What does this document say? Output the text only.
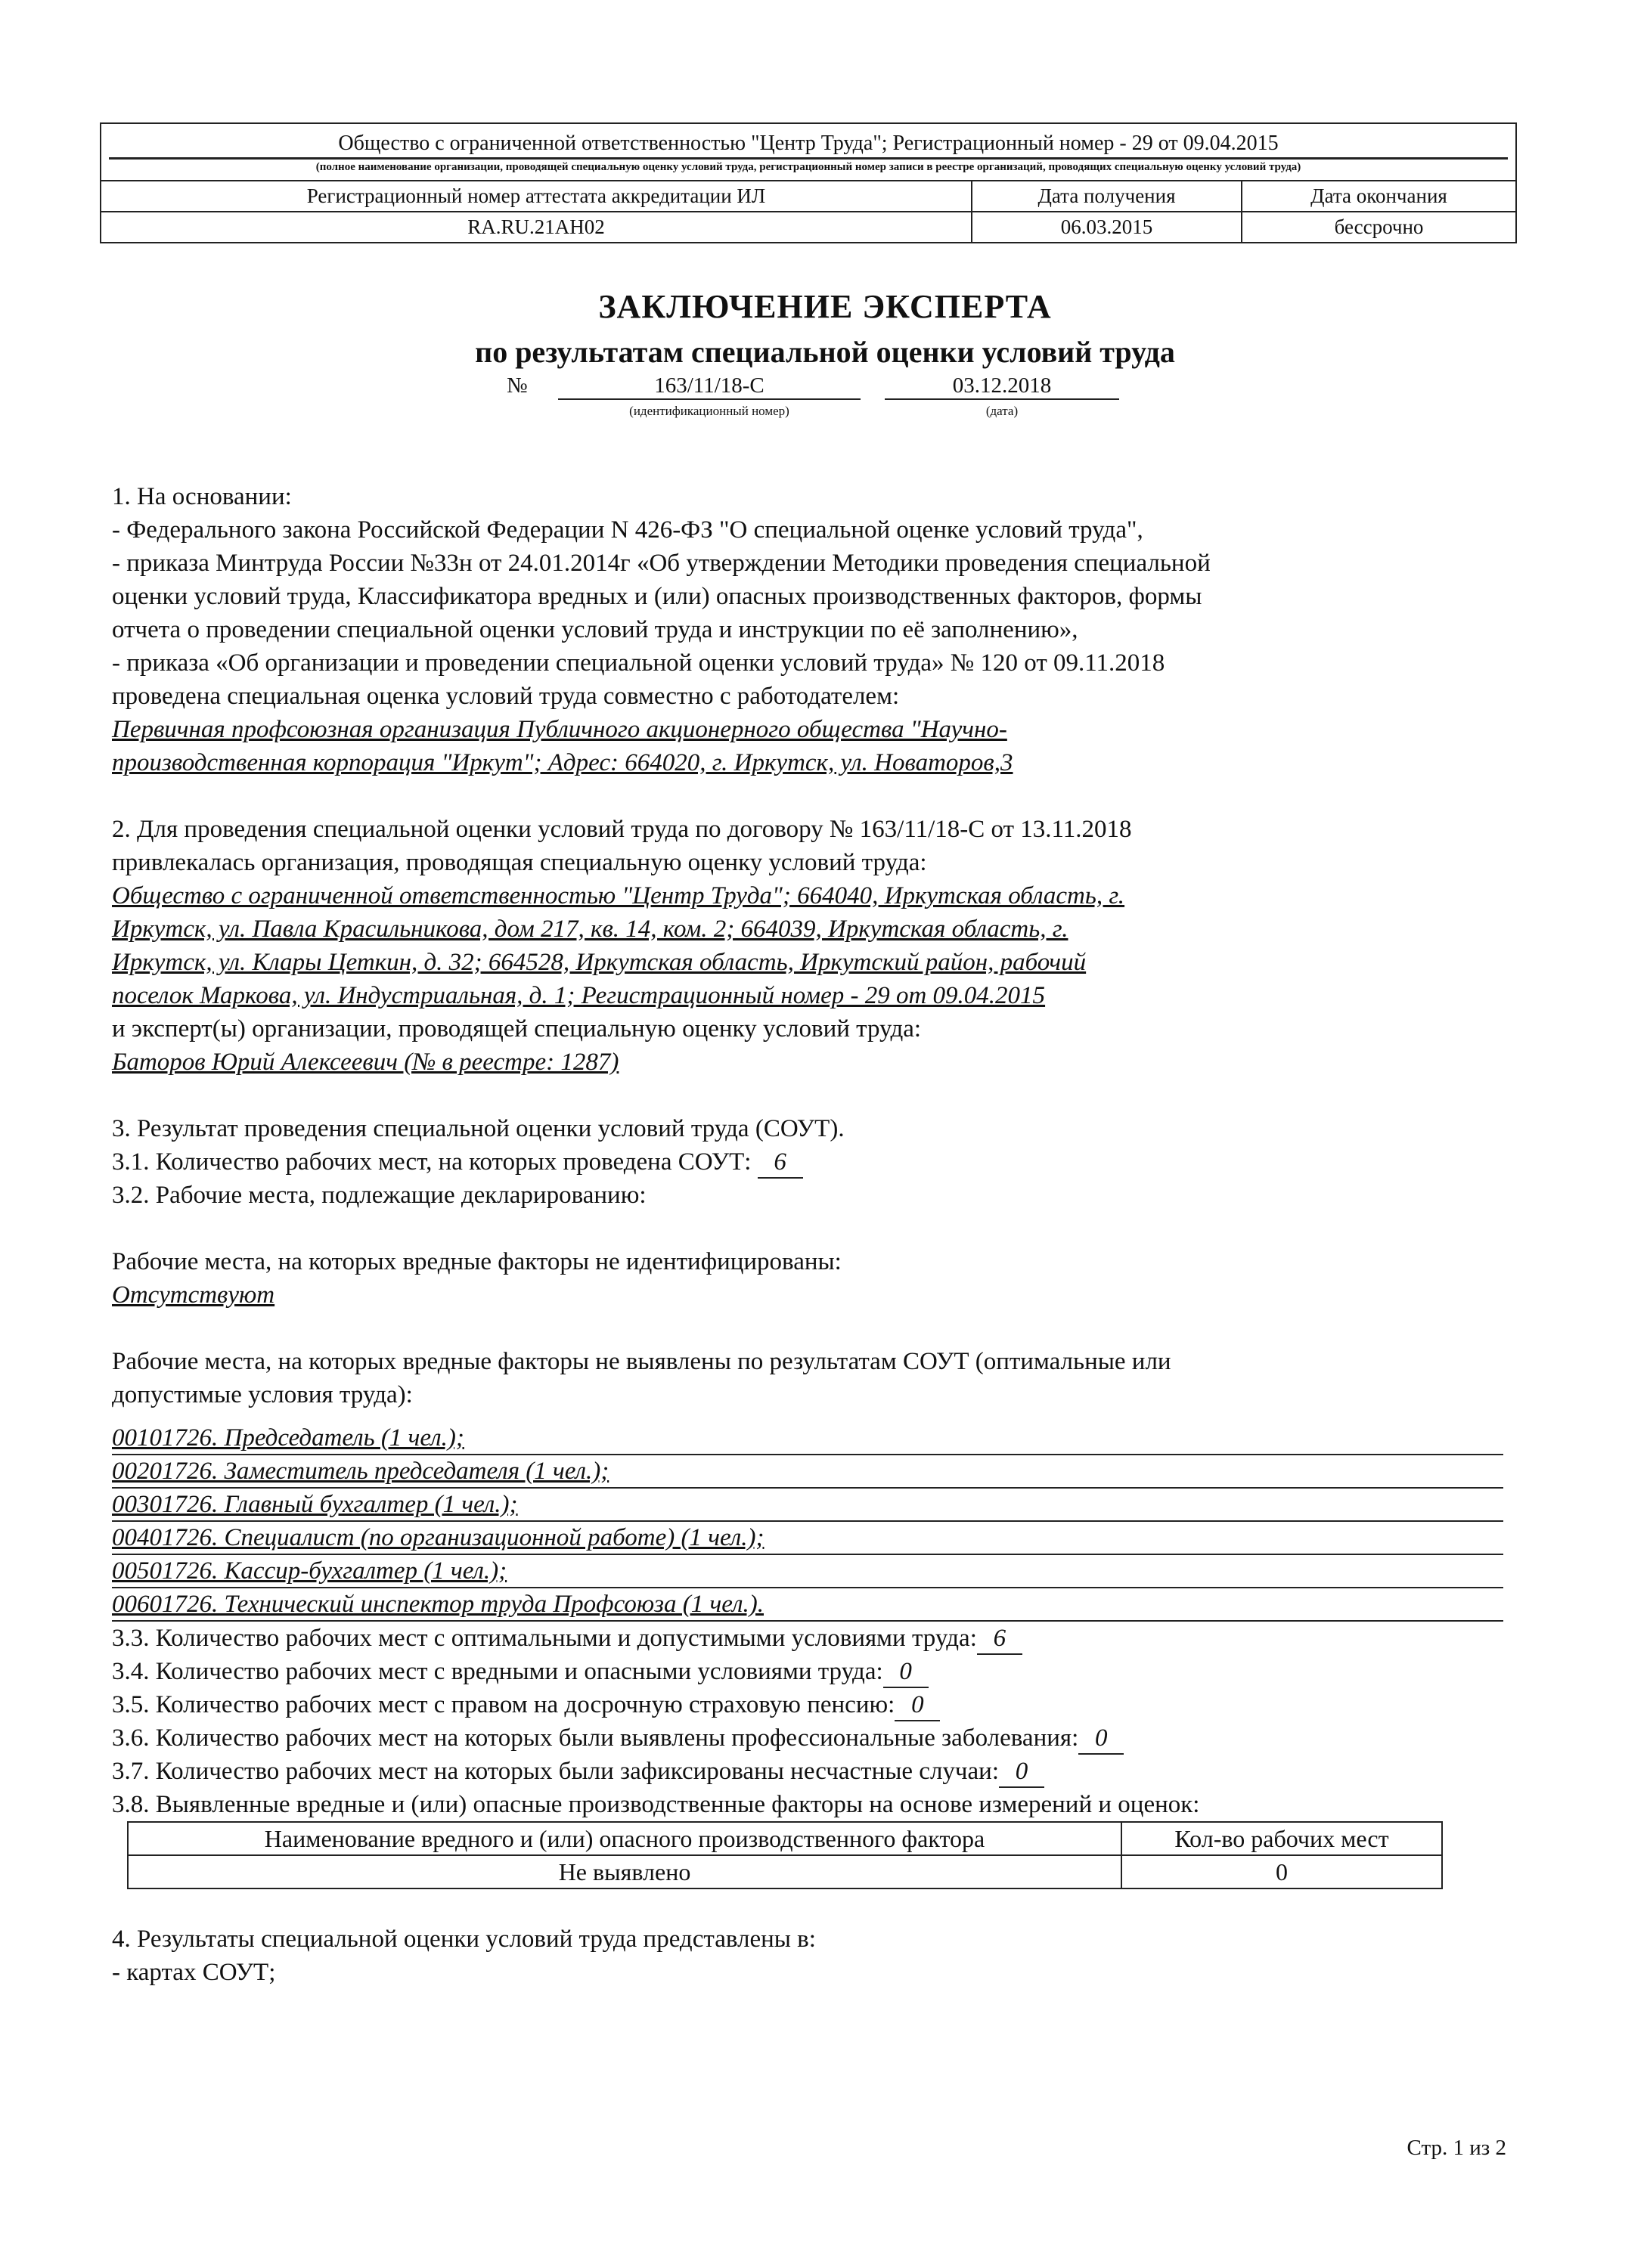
Общество с ограниченной ответственностью "Центр Труда"; Регистрационный номер - 29 от 09.04.2015
(полное наименование организации, проводящей специальную оценку условий труда, регистрационный номер записи в реестре организаций, проводящих специальную оценку условий труда)
Регистрационный номер аттестата аккредитации ИЛ	Дата получения	Дата окончания
RA.RU.21АН02	06.03.2015	бессрочно
ЗАКЛЮЧЕНИЕ ЭКСПЕРТА
по результатам специальной оценки условий труда
№	163/11/18-С	03.12.2018
(идентификационный номер)	(дата)

1. На основании:

- Федерального закона Российской Федерации N 426-ФЗ "О специальной оценке условий труда",

- приказа Минтруда России №33н от 24.01.2014г «Об утверждении Методики проведения специальной

оценки условий труда, Классификатора вредных и (или) опасных производственных факторов, формы

отчета о проведении специальной оценки условий труда и инструкции по её заполнению»,

- приказа «Об организации и проведении специальной оценки условий труда» № 120 от 09.11.2018

проведена специальная оценка условий труда совместно с работодателем:

Первичная профсоюзная организация Публичного акционерного общества "Научно-

производственная корпорация "Иркут"; Адрес: 664020, г. Иркутск, ул. Новаторов,3

2. Для проведения специальной оценки условий труда по договору № 163/11/18-С от 13.11.2018

привлекалась организация, проводящая специальную оценку условий труда:

Общество с ограниченной ответственностью "Центр Труда"; 664040, Иркутская область, г.

Иркутск, ул. Павла Красильникова, дом 217, кв. 14, ком. 2; 664039, Иркутская область, г.

Иркутск, ул. Клары Цеткин, д. 32; 664528, Иркутская область, Иркутский район, рабочий

поселок Маркова, ул. Индустриальная, д. 1; Регистрационный номер - 29 от 09.04.2015

и эксперт(ы) организации, проводящей специальную оценку условий труда:

Баторов Юрий Алексеевич (№ в реестре: 1287)

3. Результат проведения специальной оценки условий труда (СОУТ).

3.1. Количество рабочих мест, на которых проведена СОУТ: 6

3.2. Рабочие места, подлежащие декларированию:

Рабочие места, на которых вредные факторы не идентифицированы:

Отсутствуют

Рабочие места, на которых вредные факторы не выявлены по результатам СОУТ (оптимальные или

допустимые условия труда):

00101726. Председатель (1 чел.);
00201726. Заместитель председателя (1 чел.);
00301726. Главный бухгалтер (1 чел.);
00401726. Специалист (по организационной работе) (1 чел.);
00501726. Кассир-бухгалтер (1 чел.);
00601726. Технический инспектор труда Профсоюза (1 чел.).

3.3. Количество рабочих мест с оптимальными и допустимыми условиями труда: 6

3.4. Количество рабочих мест с вредными и опасными условиями труда: 0

3.5. Количество рабочих мест с правом на досрочную страховую пенсию: 0

3.6. Количество рабочих мест на которых были выявлены профессиональные заболевания: 0

3.7. Количество рабочих мест на которых были зафиксированы несчастные случаи: 0

3.8. Выявленные вредные и (или) опасные производственные факторы на основе измерений и оценок:

Наименование вредного и (или) опасного производственного фактора	Кол-во рабочих мест
Не выявлено	0

4. Результаты специальной оценки условий труда представлены в:

- картах СОУТ;

Стр. 1 из 2
